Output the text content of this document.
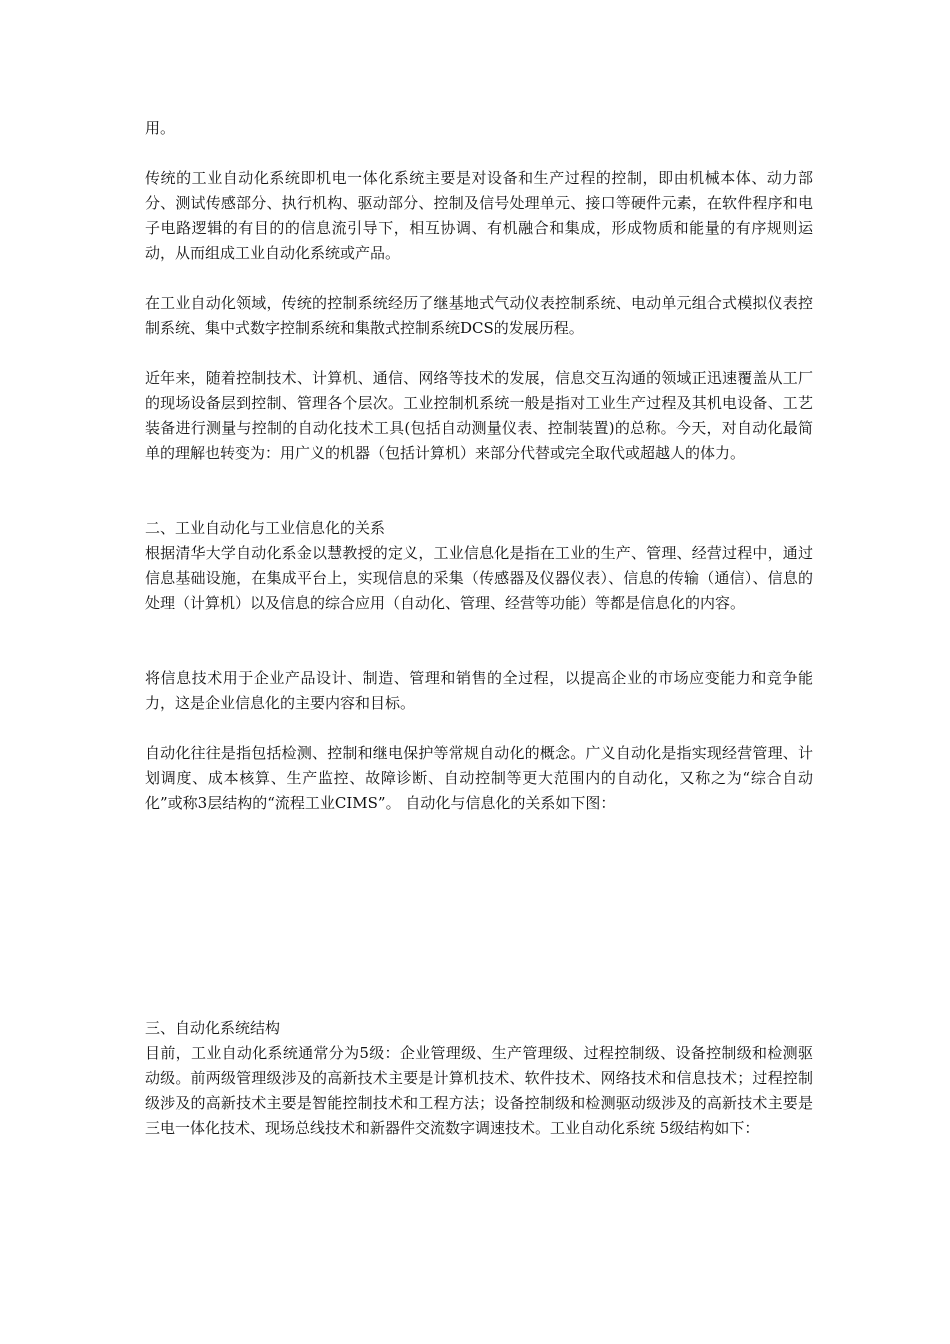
用。

传统的工业自动化系统即机电一体化系统主要是对设备和生产过程的控制，即由机械本体、动力部分、测试传感部分、执行机构、驱动部分、控制及信号处理单元、接口等硬件元素，在软件程序和电子电路逻辑的有目的的信息流引导下，相互协调、有机融合和集成，形成物质和能量的有序规则运动，从而组成工业自动化系统或产品。

在工业自动化领域，传统的控制系统经历了继基地式气动仪表控制系统、电动单元组合式模拟仪表控制系统、集中式数字控制系统和集散式控制系统DCS的发展历程。

近年来，随着控制技术、计算机、通信、网络等技术的发展，信息交互沟通的领域正迅速覆盖从工厂的现场设备层到控制、管理各个层次。工业控制机系统一般是指对工业生产过程及其机电设备、工艺装备进行测量与控制的自动化技术工具(包括自动测量仪表、控制装置)的总称。今天，对自动化最简单的理解也转变为：用广义的机器（包括计算机）来部分代替或完全取代或超越人的体力。

二、工业自动化与工业信息化的关系

根据清华大学自动化系金以慧教授的定义，工业信息化是指在工业的生产、管理、经营过程中，通过信息基础设施，在集成平台上，实现信息的采集（传感器及仪器仪表）、信息的传输（通信）、信息的处理（计算机）以及信息的综合应用（自动化、管理、经营等功能）等都是信息化的内容。

将信息技术用于企业产品设计、制造、管理和销售的全过程，以提高企业的市场应变能力和竞争能力，这是企业信息化的主要内容和目标。

自动化往往是指包括检测、控制和继电保护等常规自动化的概念。广义自动化是指实现经营管理、计划调度、成本核算、生产监控、故障诊断、自动控制等更大范围内的自动化，又称之为“综合自动化”或称3层结构的“流程工业CIMS”。 自动化与信息化的关系如下图：

三、自动化系统结构

目前，工业自动化系统通常分为5级：企业管理级、生产管理级、过程控制级、设备控制级和检测驱动级。前两级管理级涉及的高新技术主要是计算机技术、软件技术、网络技术和信息技术；过程控制级涉及的高新技术主要是智能控制技术和工程方法；设备控制级和检测驱动级涉及的高新技术主要是三电一体化技术、现场总线技术和新器件交流数字调速技术。工业自动化系统 5级结构如下：
